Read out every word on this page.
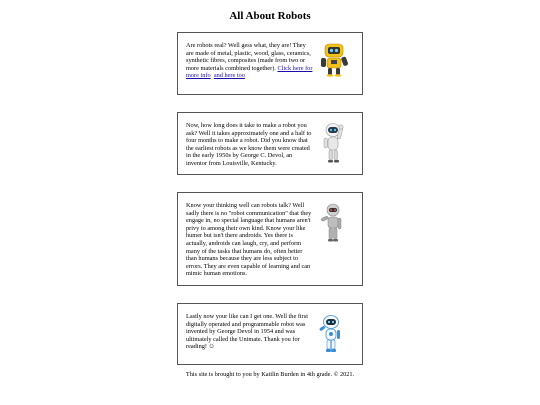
All About Robots

Are robots real? Well gess what, they are! They are made of metal, plastic, wood, glass, ceramics, synthetic fibres, composites (made from two or more materials combined together). Click here for more info and here too

Now, how long does it take to make a robot you ask? Well it takes approximately one and a half to four months to make a robot. Did you know that the earliest robots as we know them were created in the early 1950s by George C. Devol, an inventor from Louisville, Kentucky.

Know your thinking well can robots talk? Well sadly there is no "robot communication" that they engage in, no special language that humans aren't privy to among their own kind. Know your like humer but isn't there androids. Yes there is actually, androids can laugh, cry, and perform many of the tasks that humans do, often better than humans because they are less subject to errors. They are even capable of learning and can mimic human emotions.

Lastly now your like can I get one. Well the first digitally operated and programmable robot was invented by George Devol in 1954 and was ultimately called the Unimate. Thank you for reading! ☺

This site is brought to you by Kaitlin Burden in 4th grade. © 2021.
